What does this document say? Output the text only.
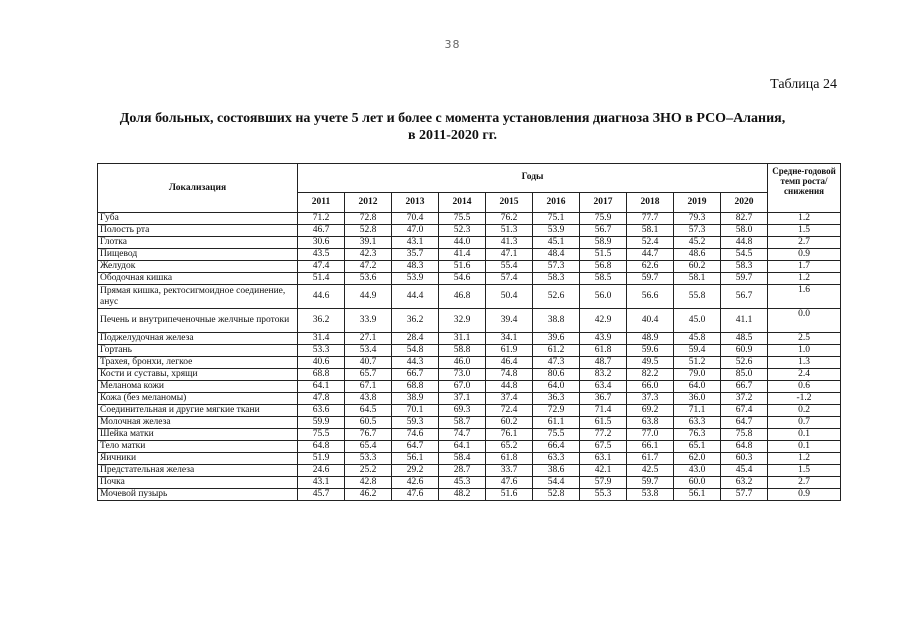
38
Таблица 24
Доля больных, состоявших на учете 5 лет и более с момента установления диагноза ЗНО в РСО–Алания,
в 2011-2020 гг.
Локализация	Годы										Средне-годовой темп роста/ снижения
	2011	2012	2013	2014	2015	2016	2017	2018	2019	2020	
Губа	71.2	72.8	70.4	75.5	76.2	75.1	75.9	77.7	79.3	82.7	1.2
Полость рта	46.7	52.8	47.0	52.3	51.3	53.9	56.7	58.1	57.3	58.0	1.5
Глотка	30.6	39.1	43.1	44.0	41.3	45.1	58.9	52.4	45.2	44.8	2.7
Пищевод	43.5	42.3	35.7	41.4	47.1	48.4	51.5	44.7	48.6	54.5	0.9
Желудок	47.4	47.2	48.3	51.6	55.4	57.3	56.8	62.6	60.2	58.3	1.7
Ободочная кишка	51.4	53.6	53.9	54.6	57.4	58.3	58.5	59.7	58.1	59.7	1.2
Прямая кишка, ректосигмоидное соединение, анус	44.6	44.9	44.4	46.8	50.4	52.6	56.0	56.6	55.8	56.7	1.6
Печень и внутрипеченочные желчные протоки	36.2	33.9	36.2	32.9	39.4	38.8	42.9	40.4	45.0	41.1	0.0
Поджелудочная железа	31.4	27.1	28.4	31.1	34.1	39.6	43.9	48.9	45.8	48.5	2.5
Гортань	53.3	53.4	54.8	58.8	61.9	61.2	61.8	59.6	59.4	60.9	1.0
Трахея, бронхи, легкое	40.6	40.7	44.3	46.0	46.4	47.3	48.7	49.5	51.2	52.6	1.3
Кости и суставы, хрящи	68.8	65.7	66.7	73.0	74.8	80.6	83.2	82.2	79.0	85.0	2.4
Меланома кожи	64.1	67.1	68.8	67.0	44.8	64.0	63.4	66.0	64.0	66.7	0.6
Кожа (без меланомы)	47.8	43.8	38.9	37.1	37.4	36.3	36.7	37.3	36.0	37.2	-1.2
Соединительная и другие мягкие ткани	63.6	64.5	70.1	69.3	72.4	72.9	71.4	69.2	71.1	67.4	0.2
Молочная железа	59.9	60.5	59.3	58.7	60.2	61.1	61.5	63.8	63.3	64.7	0.7
Шейка матки	75.5	76.7	74.6	74.7	76.1	75.5	77.2	77.0	76.3	75.8	0.1
Тело матки	64.8	65.4	64.7	64.1	65.2	66.4	67.5	66.1	65.1	64.8	0.1
Яичники	51.9	53.3	56.1	58.4	61.8	63.3	63.1	61.7	62.0	60.3	1.2
Предстательная железа	24.6	25.2	29.2	28.7	33.7	38.6	42.1	42.5	43.0	45.4	1.5
Почка	43.1	42.8	42.6	45.3	47.6	54.4	57.9	59.7	60.0	63.2	2.7
Мочевой пузырь	45.7	46.2	47.6	48.2	51.6	52.8	55.3	53.8	56.1	57.7	0.9
